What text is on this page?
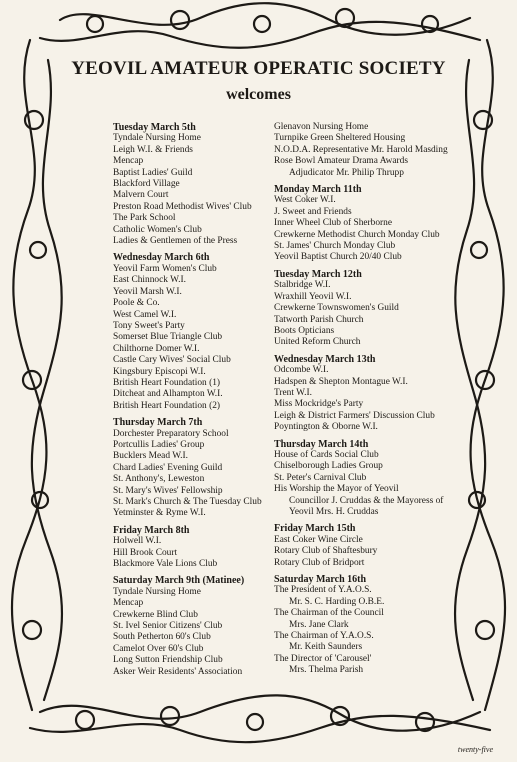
YEOVIL AMATEUR OPERATIC SOCIETY
welcomes
Tuesday March 5th
Tyndale Nursing Home
Leigh W.I. & Friends
Mencap
Baptist Ladies' Guild
Blackford Village
Malvern Court
Preston Road Methodist Wives' Club
The Park School
Catholic Women's Club
Ladies & Gentlemen of the Press
Wednesday March 6th
Yeovil Farm Women's Club
East Chinnock W.I.
Yeovil Marsh W.I.
Poole & Co.
West Camel W.I.
Tony Sweet's Party
Somerset Blue Triangle Club
Chilthorne Domer W.I.
Castle Cary Wives' Social Club
Kingsbury Episcopi W.I.
British Heart Foundation (1)
Ditcheat and Alhampton W.I.
British Heart Foundation (2)
Thursday March 7th
Dorchester Preparatory School
Portcullis Ladies' Group
Bucklers Mead W.I.
Chard Ladies' Evening Guild
St. Anthony's, Leweston
St. Mary's Wives' Fellowship
St. Mark's Church & The Tuesday Club
Yetminster & Ryme W.I.
Friday March 8th
Holwell W.I.
Hill Brook Court
Blackmore Vale Lions Club
Saturday March 9th (Matinee)
Tyndale Nursing Home
Mencap
Crewkerne Blind Club
St. Ivel Senior Citizens' Club
South Petherton 60's Club
Camelot Over 60's Club
Long Sutton Friendship Club
Asker Weir Residents' Association
Glenavon Nursing Home
Turnpike Green Sheltered Housing
N.O.D.A. Representative Mr. Harold Masding
Rose Bowl Amateur Drama Awards
Adjudicator Mr. Philip Thrupp
Monday March 11th
West Coker W.I.
J. Sweet and Friends
Inner Wheel Club of Sherborne
Crewkerne Methodist Church Monday Club
St. James' Church Monday Club
Yeovil Baptist Church 20/40 Club
Tuesday March 12th
Stalbridge W.I.
Wraxhill Yeovil W.I.
Crewkerne Townswomen's Guild
Tatworth Parish Church
Boots Opticians
United Reform Church
Wednesday March 13th
Odcombe W.I.
Hadspen & Shepton Montague W.I.
Trent W.I.
Miss Mockridge's Party
Leigh & District Farmers' Discussion Club
Poyntington & Oborne W.I.
Thursday March 14th
House of Cards Social Club
Chiselborough Ladies Group
St. Peter's Carnival Club
His Worship the Mayor of Yeovil
Councillor J. Cruddas & the Mayoress of
Yeovil Mrs. H. Cruddas
Friday March 15th
East Coker Wine Circle
Rotary Club of Shaftesbury
Rotary Club of Bridport
Saturday March 16th
The President of Y.A.O.S.
Mr. S. C. Harding O.B.E.
The Chairman of the Council
Mrs. Jane Clark
The Chairman of Y.A.O.S.
Mr. Keith Saunders
The Director of 'Carousel'
Mrs. Thelma Parish
twenty-five
